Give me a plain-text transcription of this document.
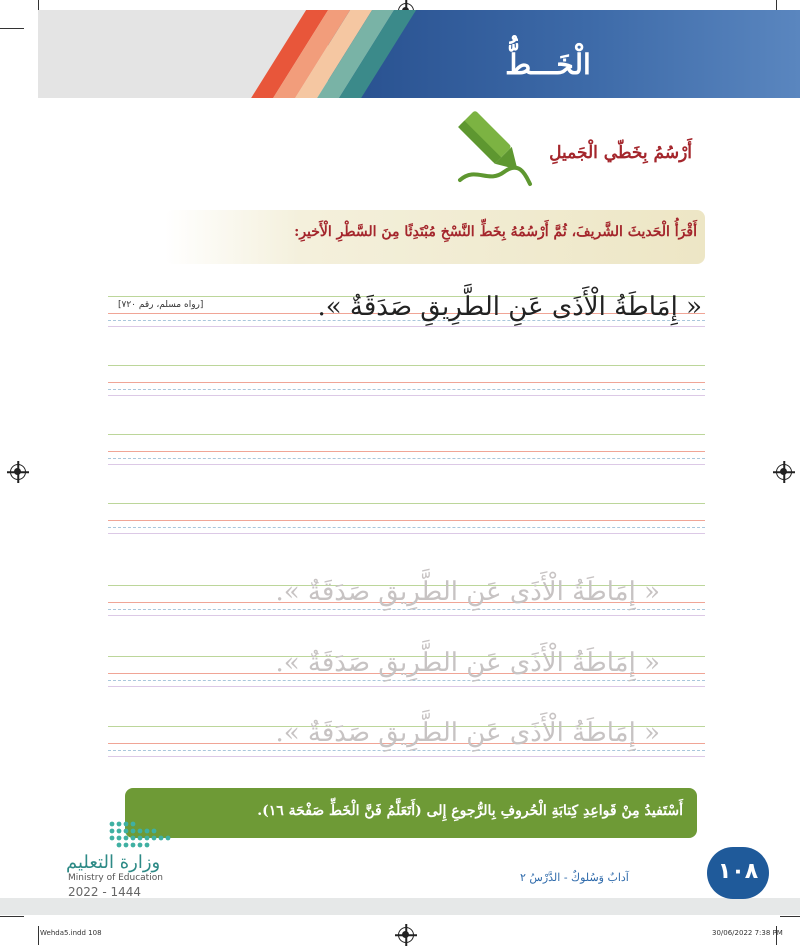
الْخَـــطُّ
أَرْسُمُ بِخَطّي الْجَميلِ
أَقْرَأُ الْحَديثَ الشَّريفَ، ثُمَّ أَرْسُمُهُ بِخَطِّ النَّسْخِ مُبْتَدِئًا مِنَ السَّطْرِ الْأَخيرِ:
« إِمَاطَةُ الْأَذَى عَنِ الطَّرِيقِ صَدَقَةٌ ».
[رواه مسلم، رقم ٧٢٠]
« إِمَاطَةُ الْأَذَى عَنِ الطَّرِيقِ صَدَقَةٌ ».
« إِمَاطَةُ الْأَذَى عَنِ الطَّرِيقِ صَدَقَةٌ ».
« إِمَاطَةُ الْأَذَى عَنِ الطَّرِيقِ صَدَقَةٌ ».
أَسْتَفيدُ مِنْ قَواعِدِ كِتابَةِ الْحُروفِ بِالرُّجوعِ إِلى (أَتَعَلَّمُ فَنَّ الْخَطِّ صَفْحَة ١٦).
وزارة التعليم
Ministry of Education
2022 - 1444
١٠٨
آدابٌ وَسُلوكٌ - الدَّرْسُ ٢
Wehda5.indd 108	30/06/2022 7:38 PM
